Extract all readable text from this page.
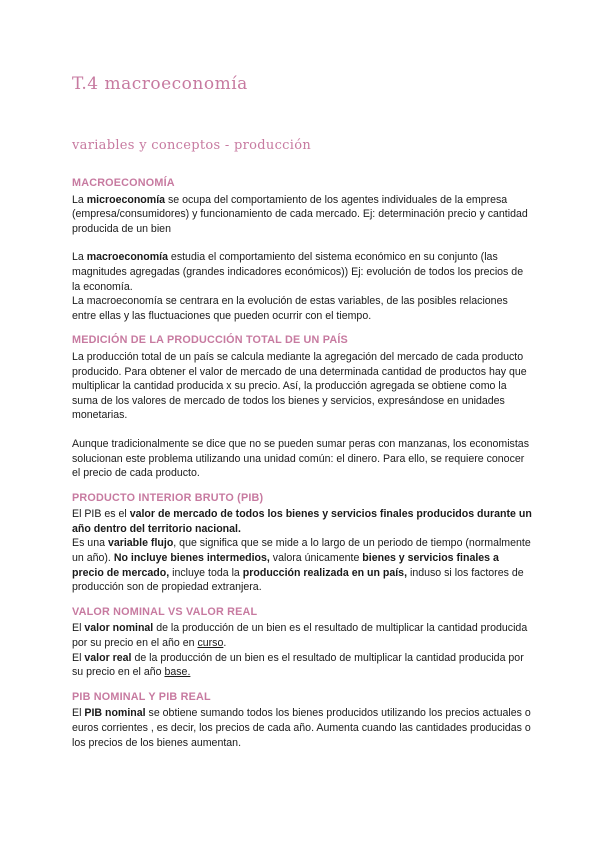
T.4 macroeconomía
variables y conceptos - producción
MACROECONOMÍA

La microeconomía se ocupa del comportamiento de los agentes individuales de la empresa (empresa/consumidores) y funcionamiento de cada mercado. Ej: determinación precio y cantidad producida de un bien

La macroeconomía estudia el comportamiento del sistema económico en su conjunto (las magnitudes agregadas (grandes indicadores económicos)) Ej: evolución de todos los precios de la economía.

La macroeconomía se centrara en la evolución de estas variables, de las posibles relaciones entre ellas y las fluctuaciones que pueden ocurrir con el tiempo.

MEDICIÓN DE LA PRODUCCIÓN TOTAL DE UN PAÍS

La producción total de un país se calcula mediante la agregación del mercado de cada producto producido. Para obtener el valor de mercado de una determinada cantidad de productos hay que multiplicar la cantidad producida x su precio. Así, la producción agregada se obtiene como la suma de los valores de mercado de todos los bienes y servicios, expresándose en unidades monetarias.

Aunque tradicionalmente se dice que no se pueden sumar peras con manzanas, los economistas solucionan este problema utilizando una unidad común: el dinero. Para ello, se requiere conocer el precio de cada producto.

PRODUCTO INTERIOR BRUTO (PIB)

El PIB es el valor de mercado de todos los bienes y servicios finales producidos durante un año dentro del territorio nacional.

Es una variable flujo, que significa que se mide a lo largo de un periodo de tiempo (normalmente un año). No incluye bienes intermedios, valora únicamente bienes y servicios finales a precio de mercado, incluye toda la producción realizada en un país, induso si los factores de producción son de propiedad extranjera.

VALOR NOMINAL VS VALOR REAL

El valor nominal de la producción de un bien es el resultado de multiplicar la cantidad producida por su precio en el año en curso.

El valor real de la producción de un bien es el resultado de multiplicar la cantidad producida por su precio en el año base.

PIB NOMINAL Y PIB REAL

El PIB nominal se obtiene sumando todos los bienes producidos utilizando los precios actuales o euros corrientes , es decir, los precios de cada año. Aumenta cuando las cantidades producidas o los precios de los bienes aumentan.
